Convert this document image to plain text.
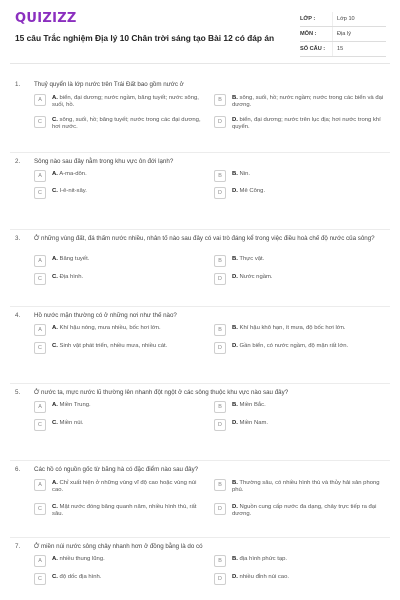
QUIZIZZ
15 câu Trắc nghiệm Địa lý 10 Chân trời sáng tạo Bài 12 có đáp án
LỚP :	Lớp 10
MÔN :	Địa lý
SỐ CÂU :	15
1. Thuỷ quyển là lớp nước trên Trái Đất bao gồm nước ở
A	A. biển, đại dương; nước ngầm, băng tuyết; nước sông, suối, hồ.
B	B. sông, suối, hồ; nước ngầm; nước trong các biển và đại dương.
C	C. sông, suối, hồ; băng tuyết; nước trong các đại dương, hơi nước.
D	D. biển, đại dương; nước trên lục địa; hơi nước trong khí quyển.
2. Sông nào sau đây nằm trong khu vực ôn đới lạnh?
A	A. A-ma-dôn.	B	B. Nin.
C	C. I-ê-nit-xây.	D	D. Mê Công.
3. Ở những vùng đất, đá thấm nước nhiều, nhân tố nào sau đây có vai trò đáng kể trong việc điều hoà chế độ nước của sông?
A	A. Băng tuyết.	B	B. Thực vật.
C	C. Địa hình.	D	D. Nước ngầm.
4. Hồ nước mặn thường có ở những nơi như thế nào?
A	A. Khí hậu nóng, mưa nhiều, bốc hơi lớn.	B	B. Khí hậu khô hạn, ít mưa, độ bốc hơi lớn.
C	C. Sinh vật phát triển, nhiều mưa, nhiều cát.	D	D. Gần biển, có nước ngầm, độ mặn rất lớn.
5. Ở nước ta, mực nước lũ thường lên nhanh đột ngột ở các sông thuộc khu vực nào sau đây?
A	A. Miền Trung.	B	B. Miền Bắc.
C	C. Miền núi.	D	D. Miền Nam.
6. Các hồ có nguồn gốc từ băng hà có đặc điểm nào sau đây?
A	A. Chỉ xuất hiện ở những vùng vĩ độ cao hoặc vùng núi cao.
B	B. Thường sâu, có nhiều hình thù và thủy hải sản phong phú.
C	C. Mặt nước đóng băng quanh năm, nhiều hình thù, rất sâu.
D	D. Nguồn cung cấp nước đa dạng, chảy trực tiếp ra đại dương.
7. Ở miền núi nước sông chảy nhanh hơn ở đồng bằng là do có
A	A. nhiều thung lũng.	B	B. địa hình phức tạp.
C	C. độ dốc địa hình.	D	D. nhiều đỉnh núi cao.
